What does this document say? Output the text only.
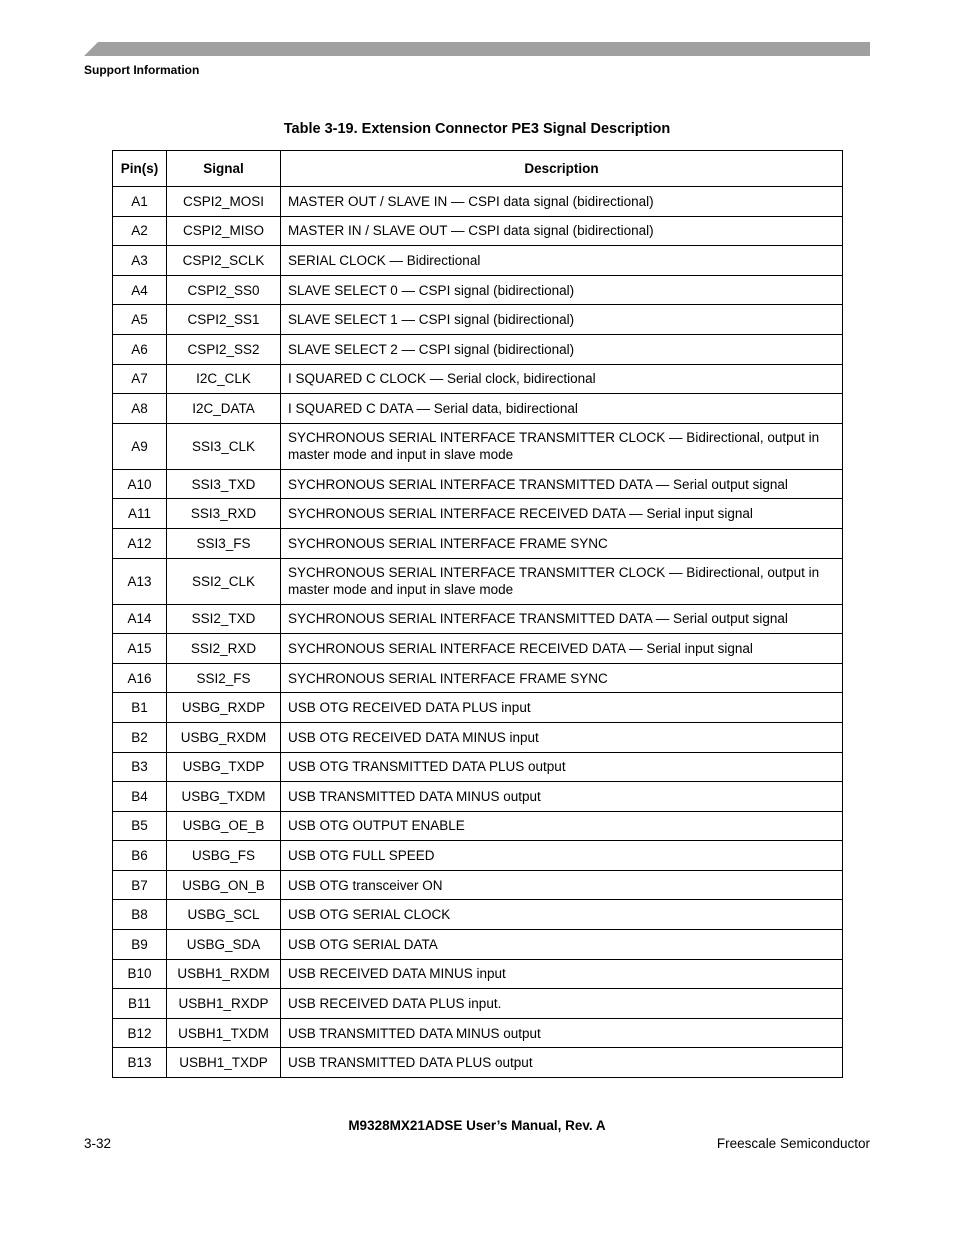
Support Information
Table 3-19. Extension Connector PE3 Signal Description
Pin(s)	Signal	Description
A1	CSPI2_MOSI	MASTER OUT / SLAVE IN — CSPI data signal (bidirectional)
A2	CSPI2_MISO	MASTER IN / SLAVE OUT — CSPI data signal (bidirectional)
A3	CSPI2_SCLK	SERIAL CLOCK — Bidirectional
A4	CSPI2_SS0	SLAVE SELECT 0 — CSPI signal (bidirectional)
A5	CSPI2_SS1	SLAVE SELECT 1 — CSPI signal (bidirectional)
A6	CSPI2_SS2	SLAVE SELECT 2 — CSPI signal (bidirectional)
A7	I2C_CLK	I SQUARED C CLOCK — Serial clock, bidirectional
A8	I2C_DATA	I SQUARED C DATA — Serial data, bidirectional
A9	SSI3_CLK	SYCHRONOUS SERIAL INTERFACE TRANSMITTER CLOCK — Bidirectional, output in master mode and input in slave mode
A10	SSI3_TXD	SYCHRONOUS SERIAL INTERFACE TRANSMITTED DATA — Serial output signal
A11	SSI3_RXD	SYCHRONOUS SERIAL INTERFACE RECEIVED DATA — Serial input signal
A12	SSI3_FS	SYCHRONOUS SERIAL INTERFACE FRAME SYNC
A13	SSI2_CLK	SYCHRONOUS SERIAL INTERFACE TRANSMITTER CLOCK — Bidirectional, output in master mode and input in slave mode
A14	SSI2_TXD	SYCHRONOUS SERIAL INTERFACE TRANSMITTED DATA — Serial output signal
A15	SSI2_RXD	SYCHRONOUS SERIAL INTERFACE RECEIVED DATA — Serial input signal
A16	SSI2_FS	SYCHRONOUS SERIAL INTERFACE FRAME SYNC
B1	USBG_RXDP	USB OTG RECEIVED DATA PLUS input
B2	USBG_RXDM	USB OTG RECEIVED DATA MINUS input
B3	USBG_TXDP	USB OTG TRANSMITTED DATA PLUS output
B4	USBG_TXDM	USB TRANSMITTED DATA MINUS output
B5	USBG_OE_B	USB OTG OUTPUT ENABLE
B6	USBG_FS	USB OTG FULL SPEED
B7	USBG_ON_B	USB OTG transceiver ON
B8	USBG_SCL	USB OTG SERIAL CLOCK
B9	USBG_SDA	USB OTG SERIAL DATA
B10	USBH1_RXDM	USB RECEIVED DATA MINUS input
B11	USBH1_RXDP	USB RECEIVED DATA PLUS input.
B12	USBH1_TXDM	USB TRANSMITTED DATA MINUS output
B13	USBH1_TXDP	USB TRANSMITTED DATA PLUS output
M9328MX21ADSE User’s Manual, Rev. A
3-32	Freescale Semiconductor
